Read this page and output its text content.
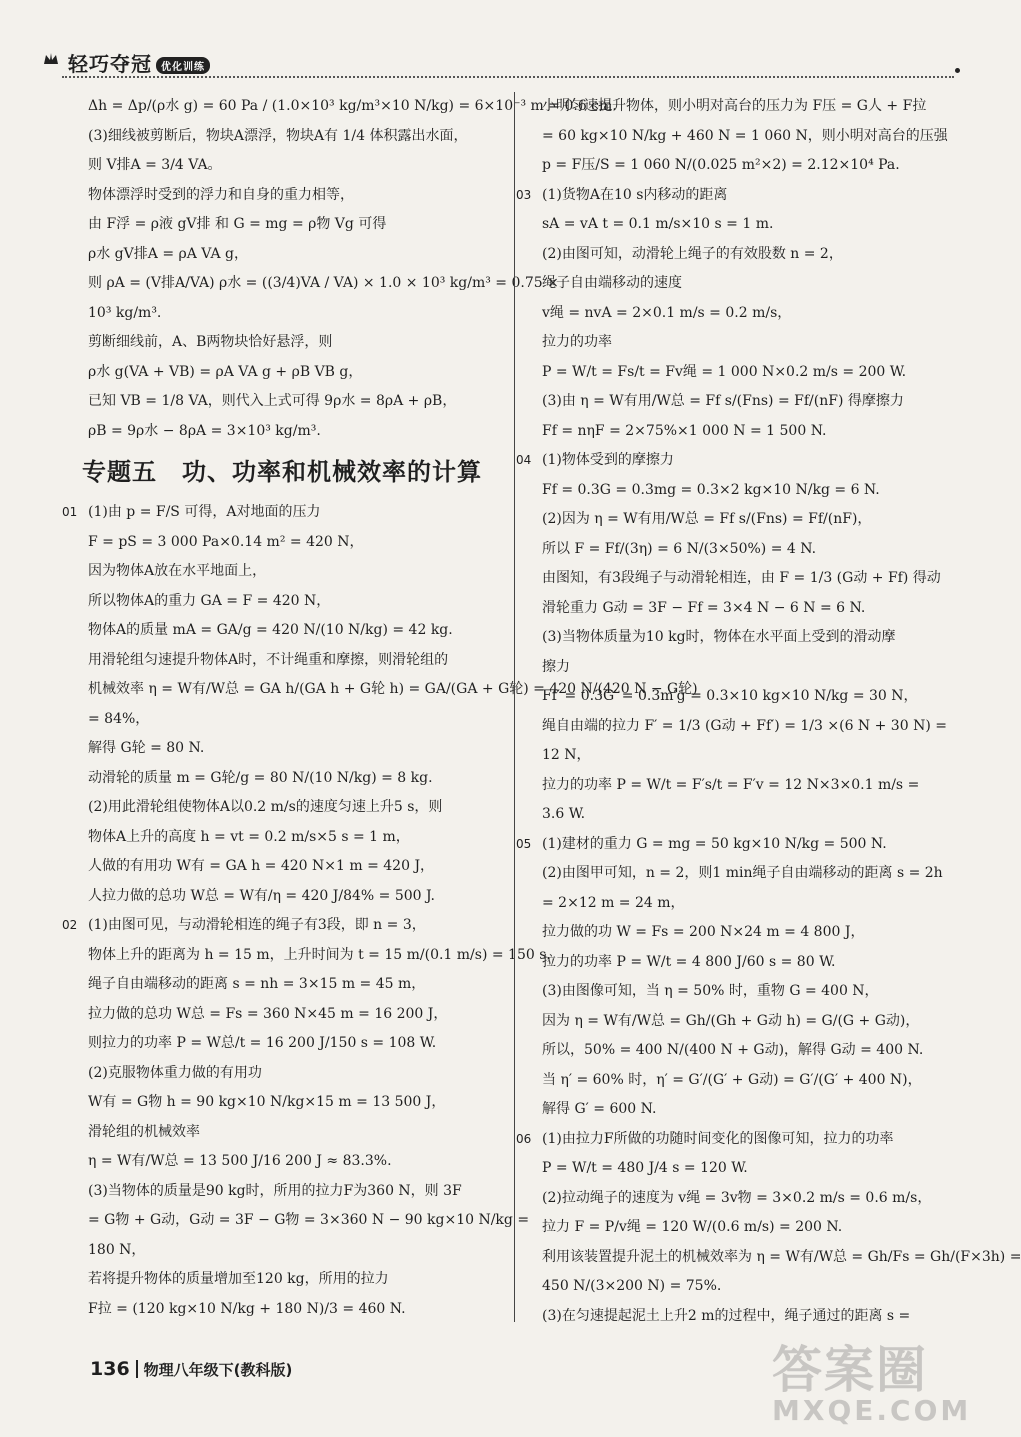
轻巧夺冠 优化训练
Δh = Δp/(ρ水 g) = 60 Pa / (1.0×10³ kg/m³×10 N/kg) = 6×10⁻³ m = 0.6 cm.
(3)细线被剪断后，物块A漂浮，物块A有 1/4 体积露出水面，
则 V排A = 3/4 VA。
物体漂浮时受到的浮力和自身的重力相等，
由 F浮 = ρ液 gV排 和 G = mg = ρ物 Vg 可得
ρ水 gV排A = ρA VA g，
则 ρA = (V排A/VA) ρ水 = ((3/4)VA / VA) × 1.0 × 10³ kg/m³ = 0.75 ×
10³ kg/m³.
剪断细线前，A、B两物块恰好悬浮，则
ρ水 g(VA + VB) = ρA VA g + ρB VB g，
已知 VB = 1/8 VA，则代入上式可得 9ρ水 = 8ρA + ρB，
ρB = 9ρ水 − 8ρA = 3×10³ kg/m³.
专题五　功、功率和机械效率的计算
01 (1)由 p = F/S 可得，A对地面的压力
F = pS = 3 000 Pa×0.14 m² = 420 N，
因为物体A放在水平地面上，
所以物体A的重力 GA = F = 420 N，
物体A的质量 mA = GA/g = 420 N/(10 N/kg) = 42 kg.
用滑轮组匀速提升物体A时，不计绳重和摩擦，则滑轮组的
机械效率 η = W有/W总 = GA h/(GA h + G轮 h) = GA/(GA + G轮) = 420 N/(420 N − G轮)
= 84%，
解得 G轮 = 80 N.
动滑轮的质量 m = G轮/g = 80 N/(10 N/kg) = 8 kg.
(2)用此滑轮组使物体A以0.2 m/s的速度匀速上升5 s，则
物体A上升的高度 h = vt = 0.2 m/s×5 s = 1 m，
人做的有用功 W有 = GA h = 420 N×1 m = 420 J，
人拉力做的总功 W总 = W有/η = 420 J/84% = 500 J.
02 (1)由图可见，与动滑轮相连的绳子有3段，即 n = 3，
物体上升的距离为 h = 15 m，上升时间为 t = 15 m/(0.1 m/s) = 150 s，
绳子自由端移动的距离 s = nh = 3×15 m = 45 m，
拉力做的总功 W总 = Fs = 360 N×45 m = 16 200 J，
则拉力的功率 P = W总/t = 16 200 J/150 s = 108 W.
(2)克服物体重力做的有用功
W有 = G物 h = 90 kg×10 N/kg×15 m = 13 500 J，
滑轮组的机械效率
η = W有/W总 = 13 500 J/16 200 J ≈ 83.3%.
(3)当物体的质量是90 kg时，所用的拉力F为360 N，则 3F
= G物 + G动，G动 = 3F − G物 = 3×360 N − 90 kg×10 N/kg =
180 N，
若将提升物体的质量增加至120 kg，所用的拉力
F拉 = (120 kg×10 N/kg + 180 N)/3 = 460 N.
小明匀速提升物体，则小明对高台的压力为 F压 = G人 + F拉
= 60 kg×10 N/kg + 460 N = 1 060 N，则小明对高台的压强
p = F压/S = 1 060 N/(0.025 m²×2) = 2.12×10⁴ Pa.
03 (1)货物A在10 s内移动的距离
sA = vA t = 0.1 m/s×10 s = 1 m.
(2)由图可知，动滑轮上绳子的有效股数 n = 2，
绳子自由端移动的速度
v绳 = nvA = 2×0.1 m/s = 0.2 m/s，
拉力的功率
P = W/t = Fs/t = Fv绳 = 1 000 N×0.2 m/s = 200 W.
(3)由 η = W有用/W总 = Ff s/(Fns) = Ff/(nF) 得摩擦力
Ff = nηF = 2×75%×1 000 N = 1 500 N.
04 (1)物体受到的摩擦力
Ff = 0.3G = 0.3mg = 0.3×2 kg×10 N/kg = 6 N.
(2)因为 η = W有用/W总 = Ff s/(Fns) = Ff/(nF)，
所以 F = Ff/(3η) = 6 N/(3×50%) = 4 N.
由图知，有3段绳子与动滑轮相连，由 F = 1/3 (G动 + Ff) 得动
滑轮重力 G动 = 3F − Ff = 3×4 N − 6 N = 6 N.
(3)当物体质量为10 kg时，物体在水平面上受到的滑动摩
擦力
Ff′ = 0.3G′ = 0.3m′g = 0.3×10 kg×10 N/kg = 30 N，
绳自由端的拉力 F′ = 1/3 (G动 + Ff′) = 1/3 ×(6 N + 30 N) =
12 N，
拉力的功率 P = W/t = F′s/t = F′v = 12 N×3×0.1 m/s =
3.6 W.
05 (1)建材的重力 G = mg = 50 kg×10 N/kg = 500 N.
(2)由图甲可知，n = 2，则1 min绳子自由端移动的距离 s = 2h
= 2×12 m = 24 m，
拉力做的功 W = Fs = 200 N×24 m = 4 800 J，
拉力的功率 P = W/t = 4 800 J/60 s = 80 W.
(3)由图像可知，当 η = 50% 时，重物 G = 400 N，
因为 η = W有/W总 = Gh/(Gh + G动 h) = G/(G + G动)，
所以，50% = 400 N/(400 N + G动)，解得 G动 = 400 N.
当 η′ = 60% 时，η′ = G′/(G′ + G动) = G′/(G′ + 400 N)，
解得 G′ = 600 N.
06 (1)由拉力F所做的功随时间变化的图像可知，拉力的功率
P = W/t = 480 J/4 s = 120 W.
(2)拉动绳子的速度为 v绳 = 3v物 = 3×0.2 m/s = 0.6 m/s，
拉力 F = P/v绳 = 120 W/(0.6 m/s) = 200 N.
利用该装置提升泥土的机械效率为 η = W有/W总 = Gh/Fs = Gh/(F×3h) =
450 N/(3×200 N) = 75%.
(3)在匀速提起泥土上升2 m的过程中，绳子通过的距离 s =
136 物理八年级下(教科版)	答案圈
MXQE.COM
